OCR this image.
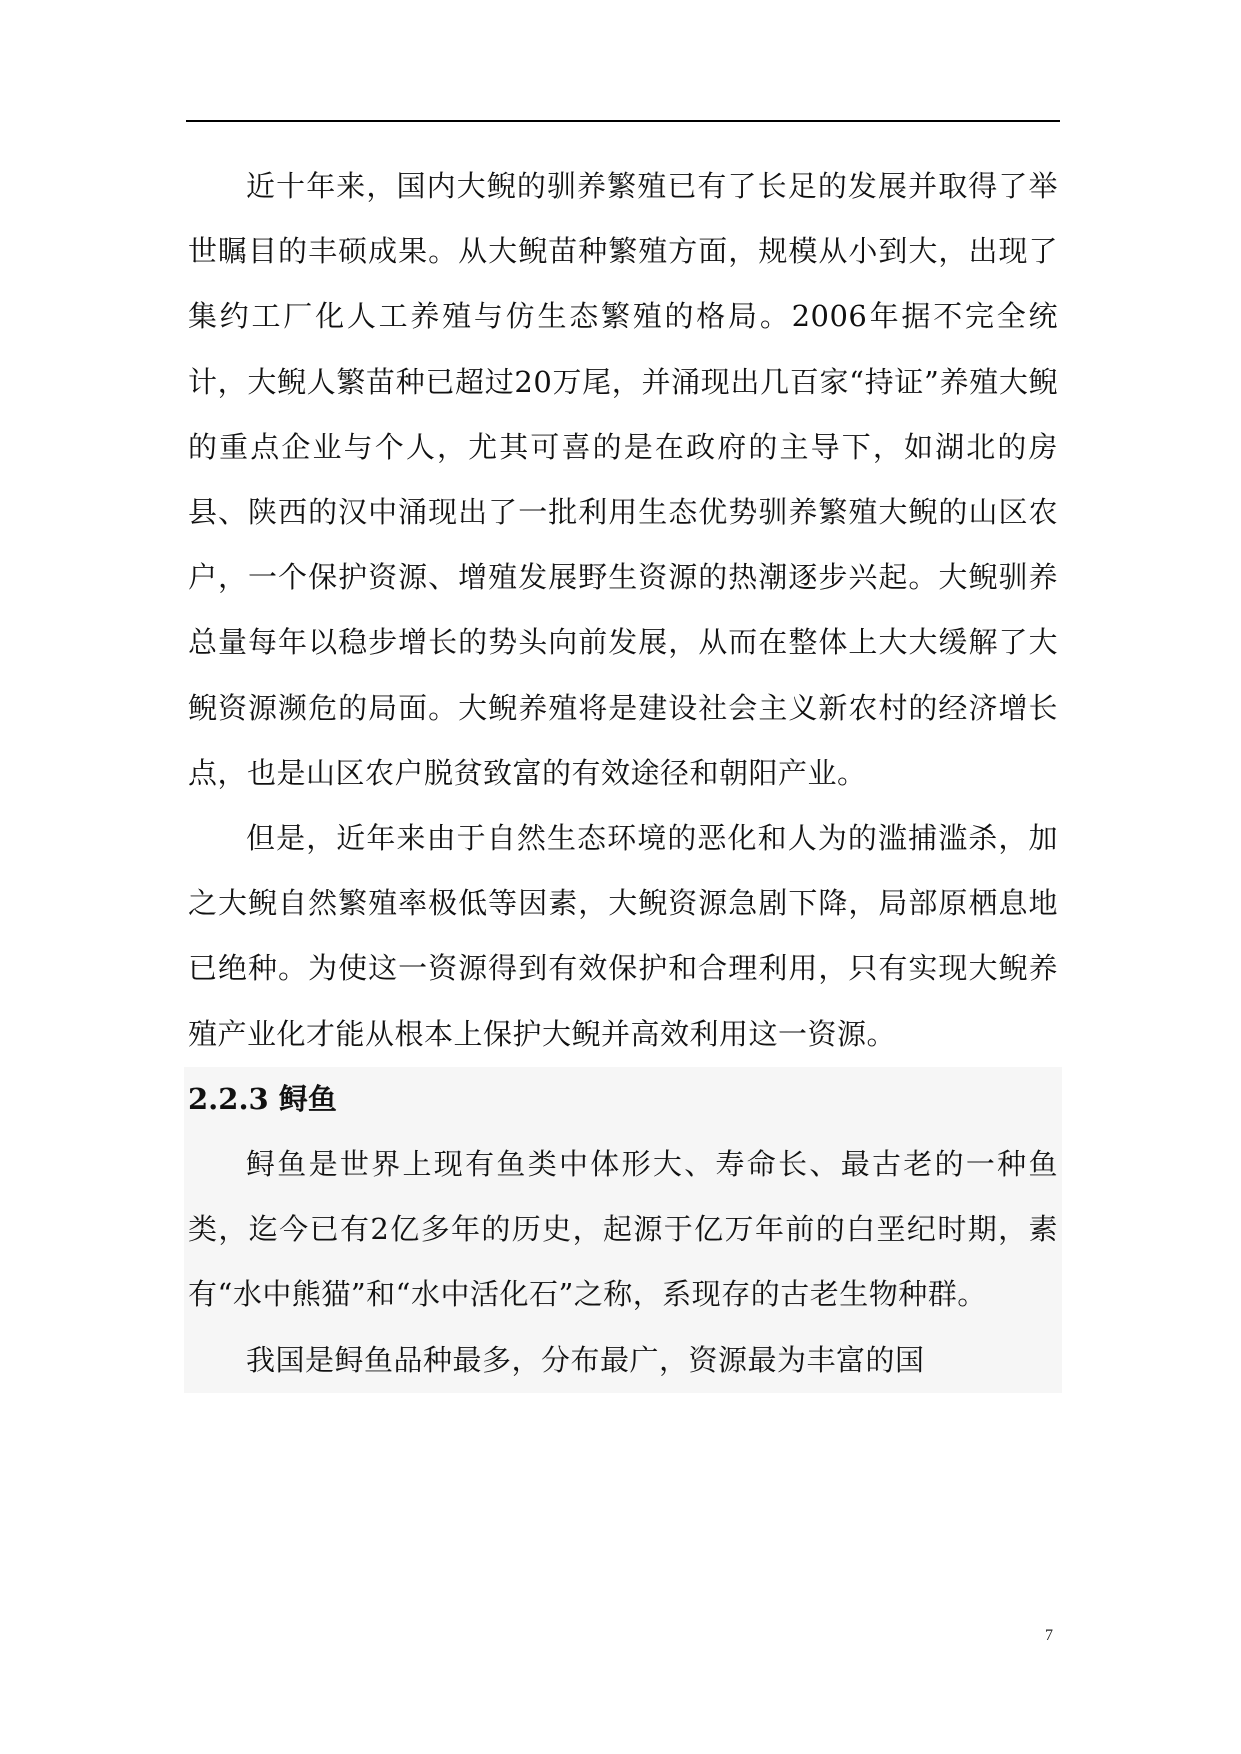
近十年来，国内大鲵的驯养繁殖已有了长足的发展并取得了举世瞩目的丰硕成果。从大鲵苗种繁殖方面，规模从小到大，出现了集约工厂化人工养殖与仿生态繁殖的格局。2006年据不完全统计，大鲵人繁苗种已超过20万尾，并涌现出几百家“持证”养殖大鲵的重点企业与个人，尤其可喜的是在政府的主导下，如湖北的房县、陕西的汉中涌现出了一批利用生态优势驯养繁殖大鲵的山区农户，一个保护资源、增殖发展野生资源的热潮逐步兴起。大鲵驯养总量每年以稳步增长的势头向前发展，从而在整体上大大缓解了大鲵资源濒危的局面。大鲵养殖将是建设社会主义新农村的经济增长点，也是山区农户脱贫致富的有效途径和朝阳产业。

但是，近年来由于自然生态环境的恶化和人为的滥捕滥杀，加之大鲵自然繁殖率极低等因素，大鲵资源急剧下降，局部原栖息地已绝种。为使这一资源得到有效保护和合理利用，只有实现大鲵养殖产业化才能从根本上保护大鲵并高效利用这一资源。

2.2.3 鲟鱼

鲟鱼是世界上现有鱼类中体形大、寿命长、最古老的一种鱼类，迄今已有2亿多年的历史，起源于亿万年前的白垩纪时期，素有“水中熊猫”和“水中活化石”之称，系现存的古老生物种群。

我国是鲟鱼品种最多，分布最广，资源最为丰富的国

7
